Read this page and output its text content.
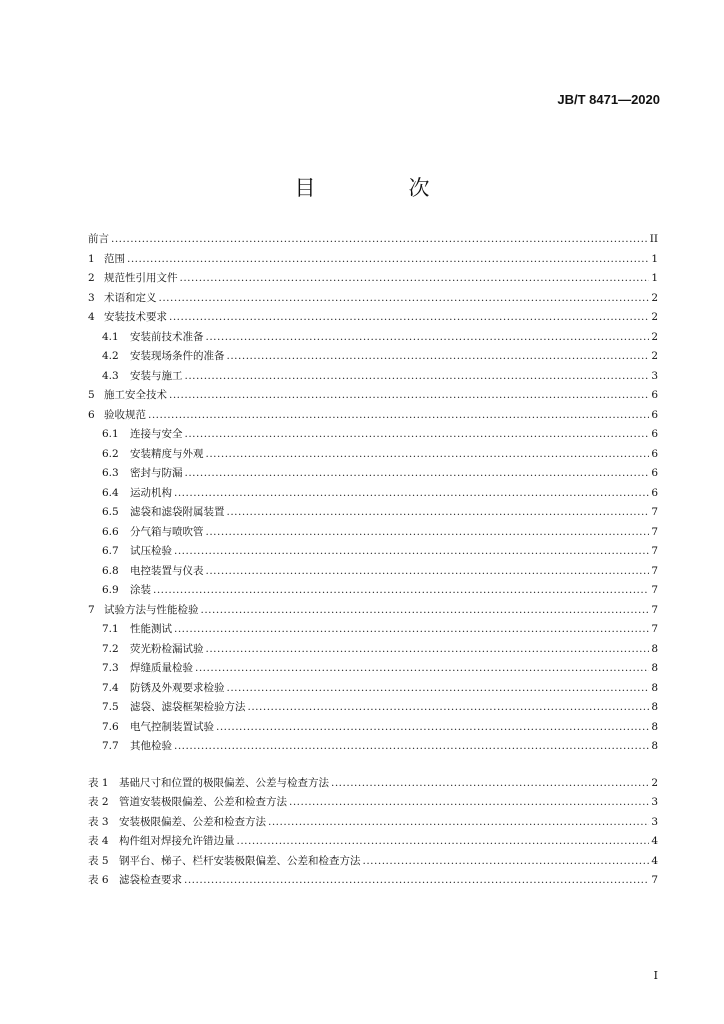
JB/T 8471—2020
目　次
前言 .....	II
1 范围 .....	1
2 规范性引用文件 .....	1
3 术语和定义 .....	2
4 安装技术要求 .....	2
4.1	安装前技术准备 .....	2
4.2	安装现场条件的准备 .....	2
4.3	安装与施工 .....	3
5 施工安全技术 .....	6
6 验收规范 .....	6
6.1	连接与安全 .....	6
6.2	安装精度与外观 .....	6
6.3	密封与防漏 .....	6
6.4	运动机构 .....	6
6.5	滤袋和滤袋附属装置 .....	7
6.6	分气箱与喷吹管 .....	7
6.7	试压检验 .....	7
6.8	电控装置与仪表 .....	7
6.9	涂装 .....	7
7 试验方法与性能检验 .....	7
7.1	性能测试 .....	7
7.2	荧光粉检漏试验 .....	8
7.3	焊缝质量检验 .....	8
7.4	防锈及外观要求检验 .....	8
7.5	滤袋、滤袋框架检验方法 .....	8
7.6	电气控制装置试验 .....	8
7.7	其他检验 .....	8
表 1 基础尺寸和位置的极限偏差、公差与检查方法 .....	2
表 2 管道安装极限偏差、公差和检查方法 .....	3
表 3 安装极限偏差、公差和检查方法 .....	3
表 4 构件组对焊接允许错边量 .....	4
表 5 钢平台、梯子、栏杆安装极限偏差、公差和检查方法 .....	4
表 6 滤袋检查要求 .....	7
I
